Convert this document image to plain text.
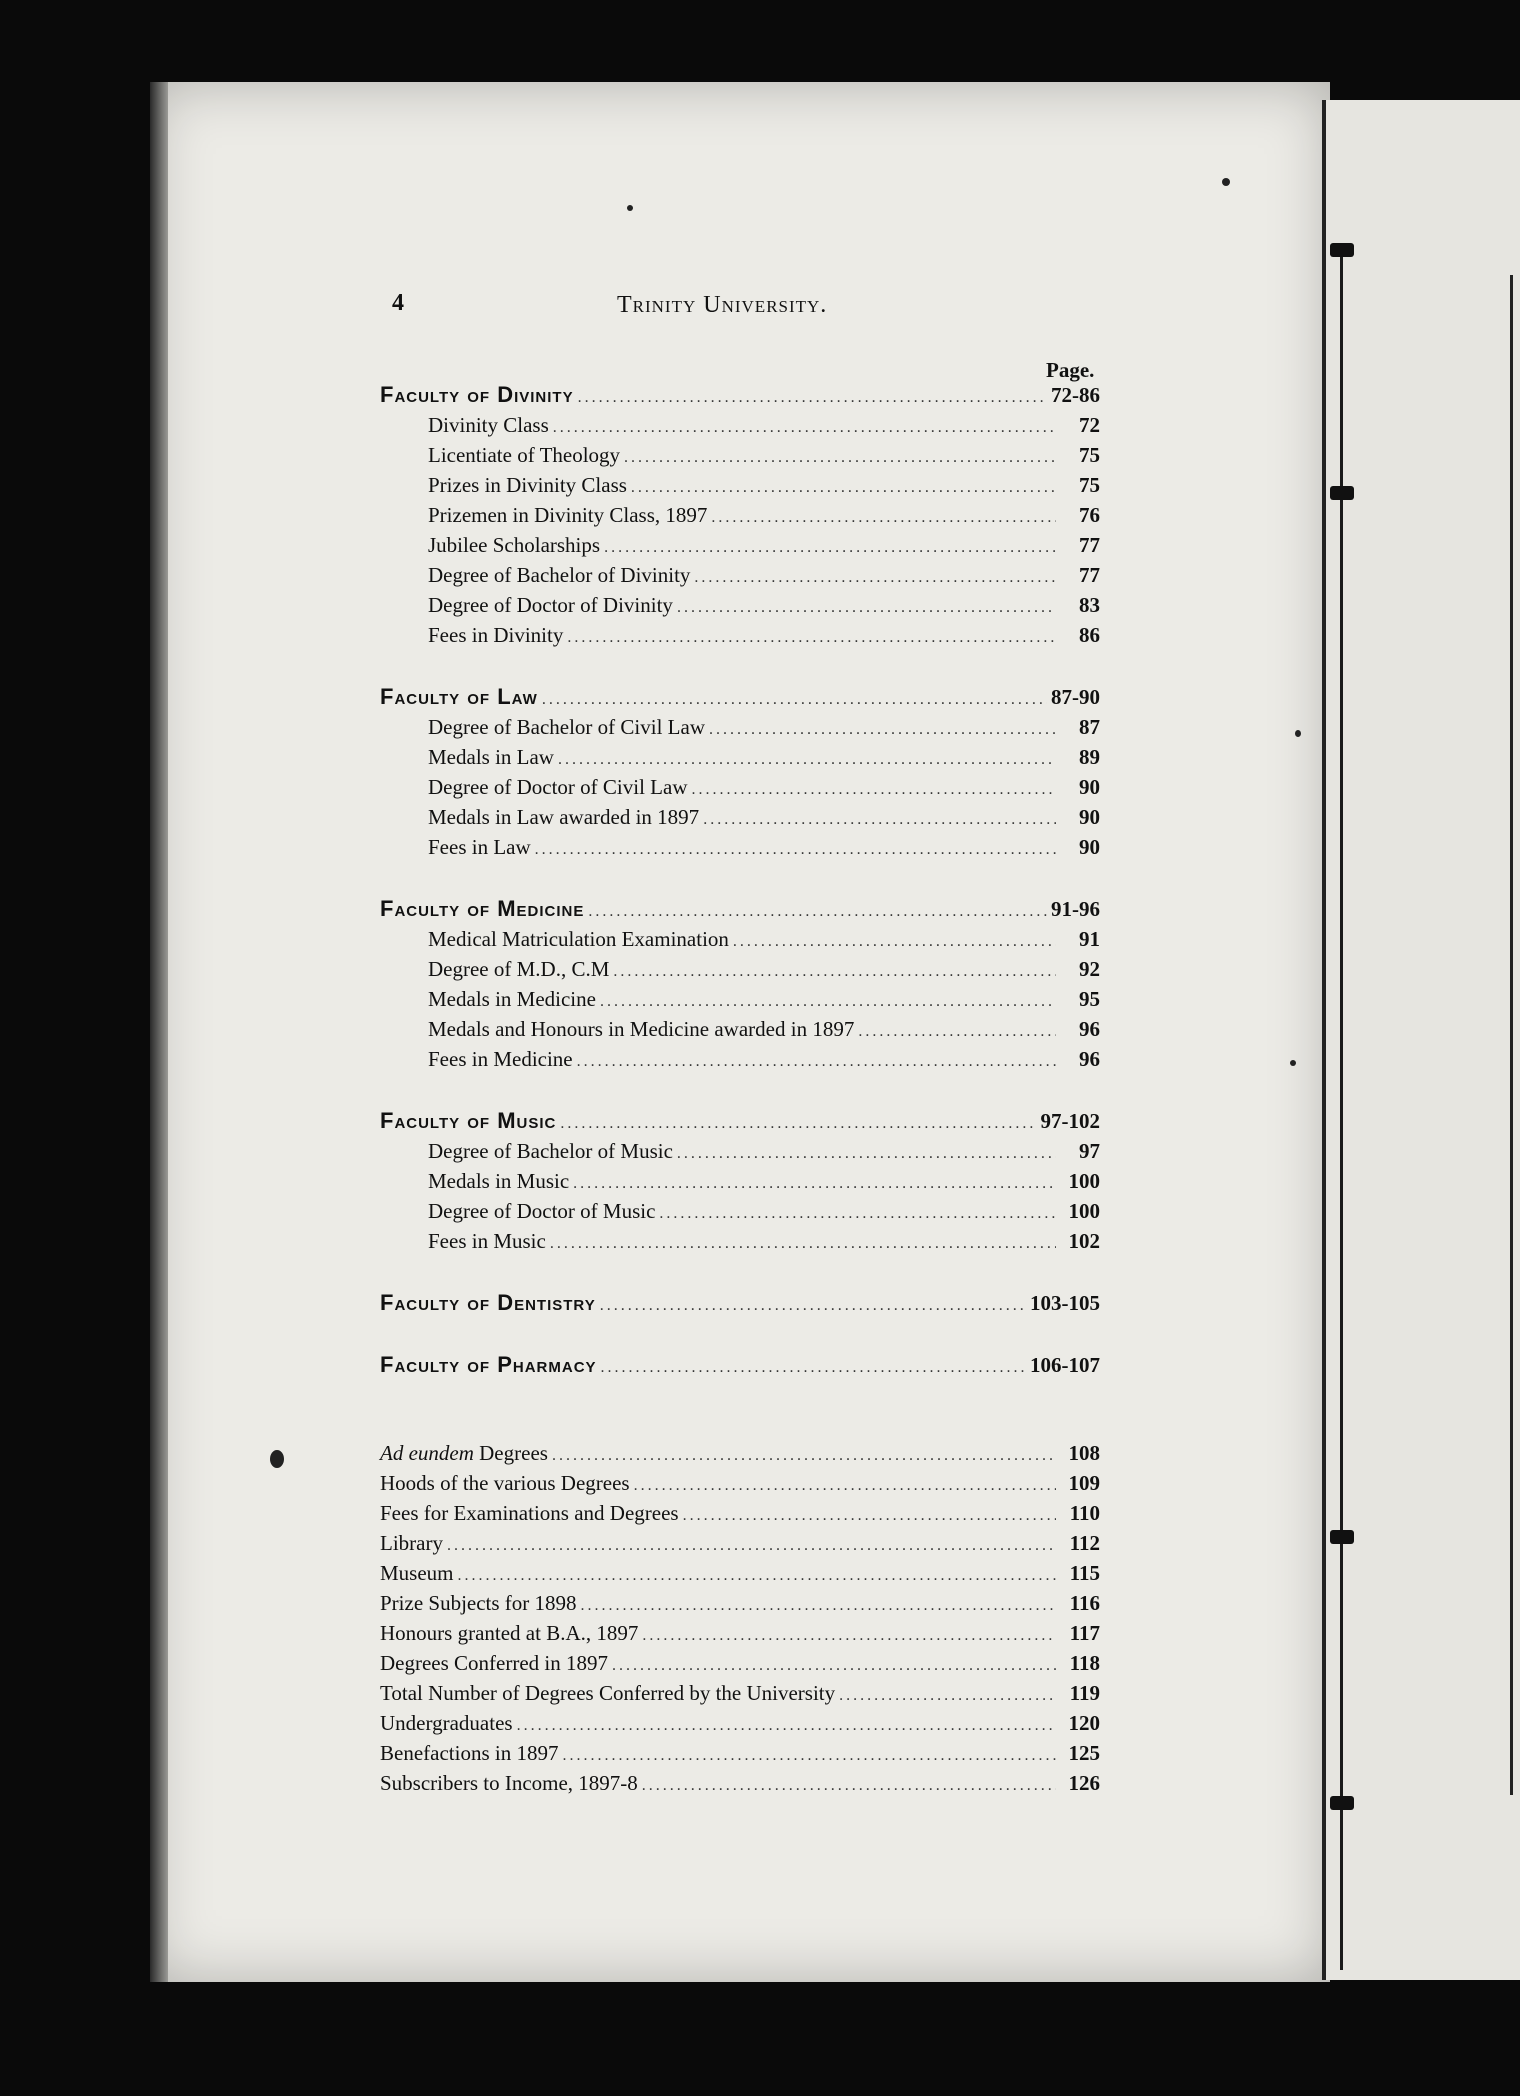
4	Trinity University.
Page.
Faculty of Divinity .....	72-86
Divinity Class .....	72
Licentiate of Theology .....	75
Prizes in Divinity Class .....	75
Prizemen in Divinity Class, 1897 .....	76
Jubilee Scholarships .....	77
Degree of Bachelor of Divinity .....	77
Degree of Doctor of Divinity .....	83
Fees in Divinity .....	86
Faculty of Law .....	87-90
Degree of Bachelor of Civil Law .....	87
Medals in Law .....	89
Degree of Doctor of Civil Law .....	90
Medals in Law awarded in 1897 .....	90
Fees in Law .....	90
Faculty of Medicine .....	91-96
Medical Matriculation Examination .....	91
Degree of M.D., C.M .....	92
Medals in Medicine .....	95
Medals and Honours in Medicine awarded in 1897 .....	96
Fees in Medicine .....	96
Faculty of Music .....	97-102
Degree of Bachelor of Music .....	97
Medals in Music .....	100
Degree of Doctor of Music .....	100
Fees in Music .....	102
Faculty of Dentistry .....	103-105
Faculty of Pharmacy .....	106-107
Ad eundem Degrees .....	108
Hoods of the various Degrees .....	109
Fees for Examinations and Degrees .....	110
Library .....	112
Museum .....	115
Prize Subjects for 1898 .....	116
Honours granted at B.A., 1897 .....	117
Degrees Conferred in 1897 .....	118
Total Number of Degrees Conferred by the University .....	119
Undergraduates .....	120
Benefactions in 1897 .....	125
Subscribers to Income, 1897-8 .....	126
